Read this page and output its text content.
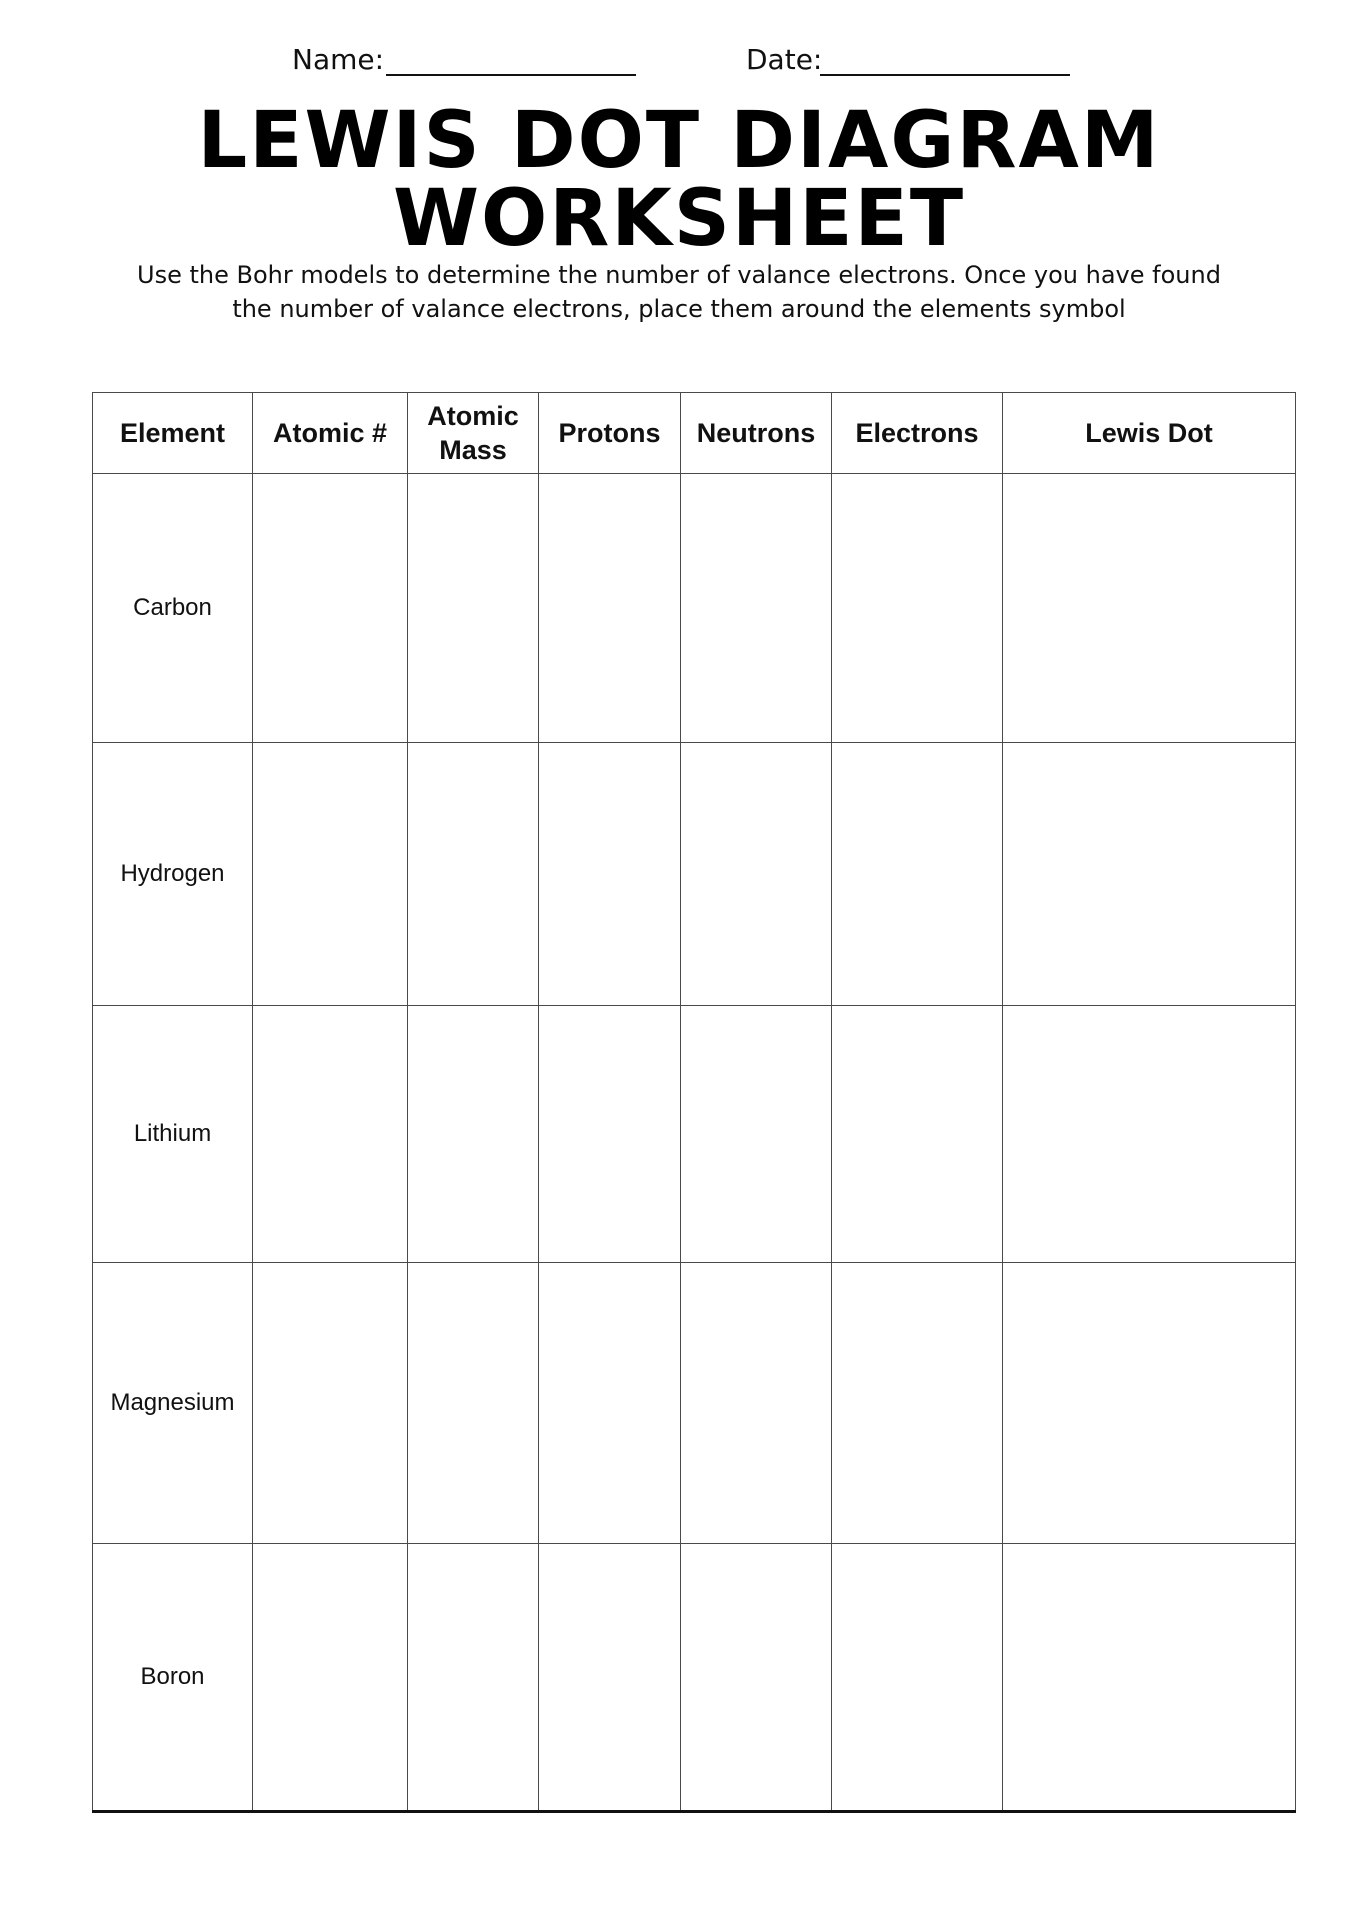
Name:	Date:
LEWIS DOT DIAGRAM
WORKSHEET

Use the Bohr models to determine the number of valance electrons. Once you have found the number of valance electrons, place them around the elements symbol

Element	Atomic #	Atomic Mass	Protons	Neutrons	Electrons	Lewis Dot
Carbon						
Hydrogen						
Lithium						
Magnesium						
Boron						
